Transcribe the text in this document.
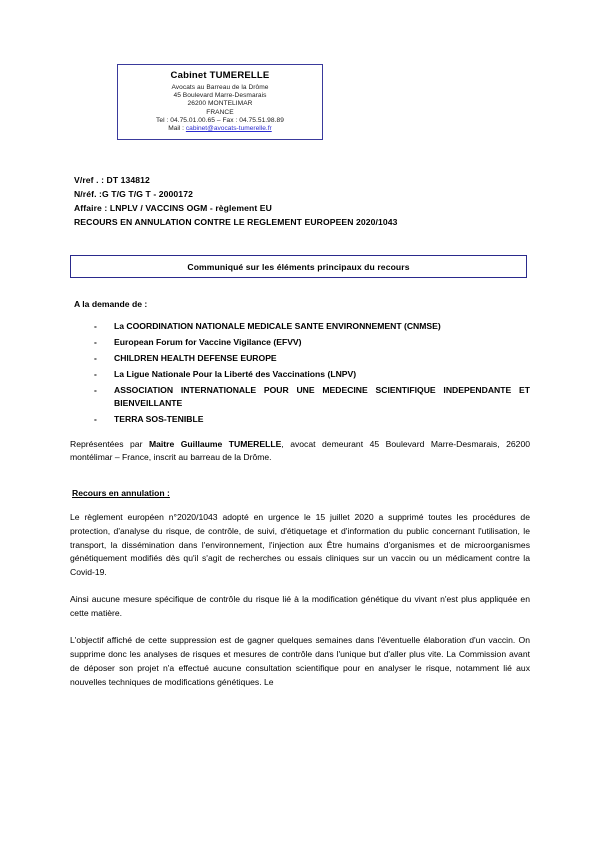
Cabinet TUMERELLE
Avocats au Barreau de la Drôme
45 Boulevard Marre-Desmarais
26200 MONTELIMAR
FRANCE
Tel : 04.75.01.00.65 – Fax : 04.75.51.98.89
Mail : cabinet@avocats-tumerelle.fr
V/ref . : DT 134812
N/réf. :G T/G T/G T - 2000172
Affaire : LNPLV / VACCINS OGM - règlement EU
RECOURS EN ANNULATION CONTRE LE REGLEMENT EUROPEEN 2020/1043
Communiqué sur les éléments principaux du recours
A la demande de :
- La COORDINATION NATIONALE MEDICALE SANTE ENVIRONNEMENT (CNMSE)
- European Forum for Vaccine Vigilance (EFVV)
- CHILDREN HEALTH DEFENSE EUROPE
- La Ligue Nationale Pour la Liberté des Vaccinations (LNPV)
- ASSOCIATION INTERNATIONALE POUR UNE MEDECINE SCIENTIFIQUE INDEPENDANTE ET BIENVEILLANTE
- TERRA SOS-TENIBLE

Représentées par Maitre Guillaume TUMERELLE, avocat demeurant 45 Boulevard Marre-Desmarais, 26200 montélimar – France, inscrit au barreau de la Drôme.

Recours en annulation :

Le règlement européen n°2020/1043 adopté en urgence le 15 juillet 2020 a supprimé toutes les procédures de protection, d'analyse du risque, de contrôle, de suivi, d'étiquetage et d'information du public concernant l'utilisation, le transport, la dissémination dans l'environnement, l'injection aux Être humains d'organismes et de microorganismes génétiquement modifiés dès qu'il s'agit de recherches ou essais cliniques sur un vaccin ou un médicament contre la Covid-19.

Ainsi aucune mesure spécifique de contrôle du risque lié à la modification génétique du vivant n'est plus appliquée en cette matière.

L'objectif affiché de cette suppression est de gagner quelques semaines dans l'éventuelle élaboration d'un vaccin. On supprime donc les analyses de risques et mesures de contrôle dans l'unique but d'aller plus vite. La Commission avant de déposer son projet n'a effectué aucune consultation scientifique pour en analyser le risque, notamment lié aux nouvelles techniques de modifications génétiques. Le
